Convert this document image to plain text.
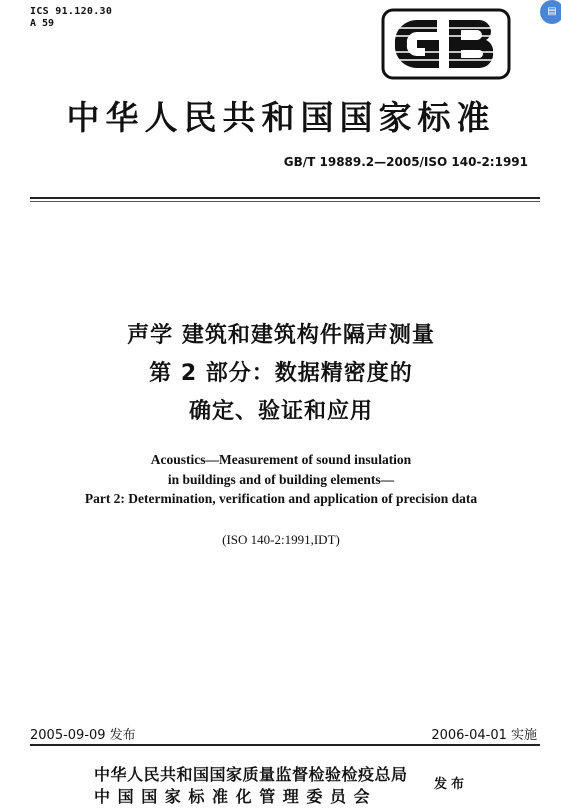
ICS 91.120.30
A 59
▤
中华人民共和国国家标准
GB/T 19889.2—2005/ISO 140-2:1991
声学 建筑和建筑构件隔声测量
第 2 部分：数据精密度的
确定、验证和应用
Acoustics—Measurement of sound insulation
in buildings and of building elements—
Part 2: Determination, verification and application of precision data
(ISO 140-2:1991,IDT)
2005-09-09 发布	2006-04-01 实施
中华人民共和国国家质量监督检验检疫总局
中国国家标准化管理委员会
发布
